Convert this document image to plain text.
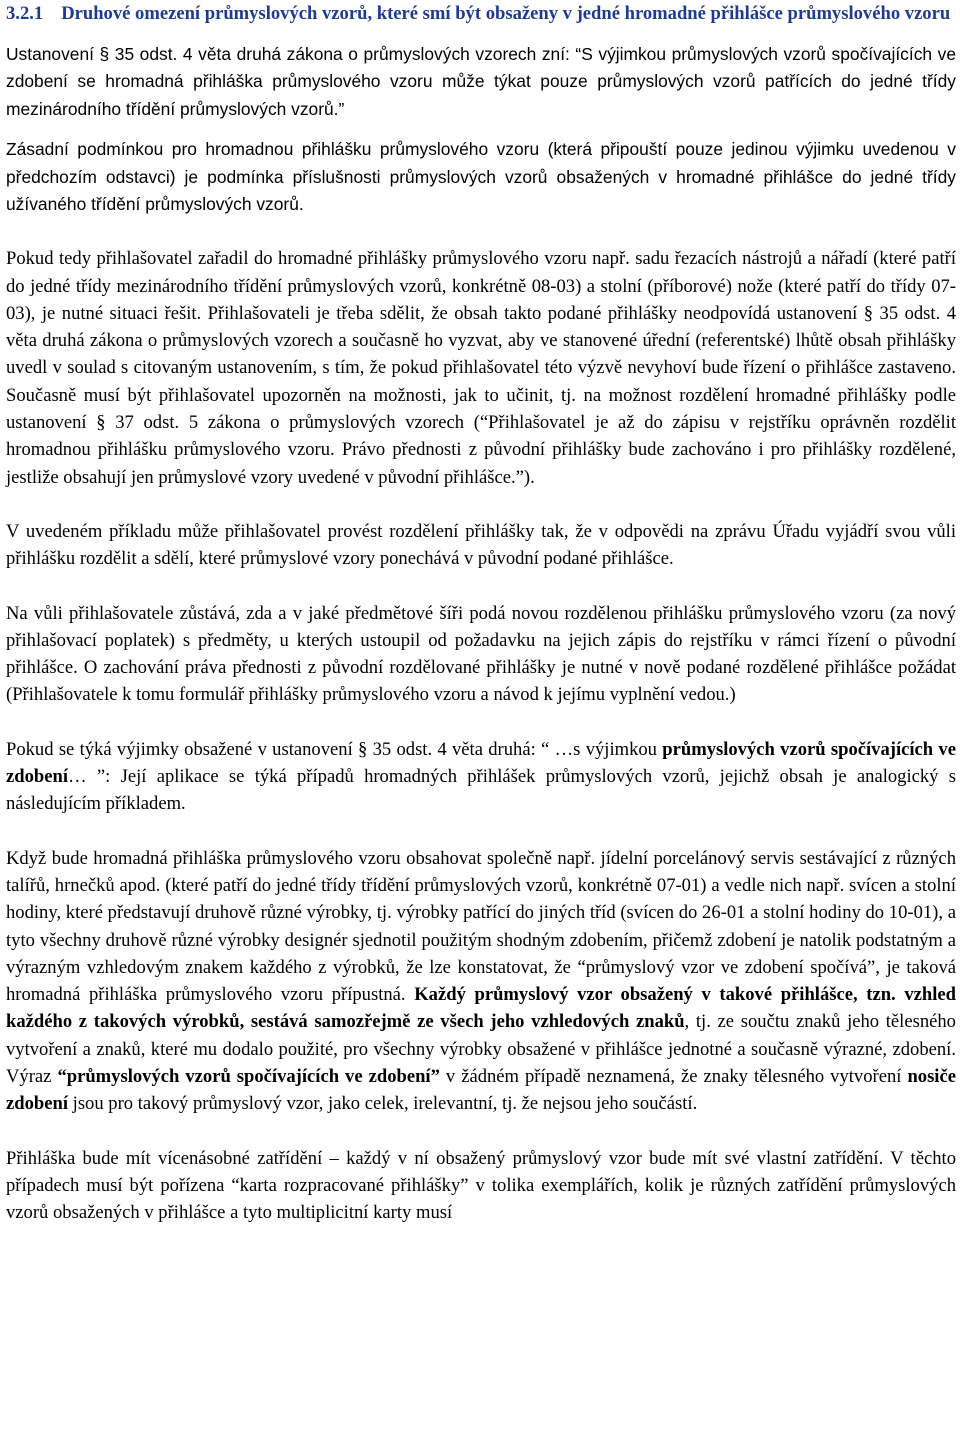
3.2.1 Druhové omezení průmyslových vzorů, které smí být obsaženy v jedné hromadné přihlášce průmyslového vzoru

Ustanovení § 35 odst. 4 věta druhá zákona o průmyslových vzorech zní: “S výjimkou průmyslových vzorů spočívajících ve zdobení se hromadná přihláška průmyslového vzoru může týkat pouze průmyslových vzorů patřících do jedné třídy mezinárodního třídění průmyslových vzorů.”

Zásadní podmínkou pro hromadnou přihlášku průmyslového vzoru (která připouští pouze jedinou výjimku uvedenou v předchozím odstavci) je podmínka příslušnosti průmyslových vzorů obsažených v hromadné přihlášce do jedné třídy užívaného třídění průmyslových vzorů.

Pokud tedy přihlašovatel zařadil do hromadné přihlášky průmyslového vzoru např. sadu řezacích nástrojů a nářadí (které patří do jedné třídy mezinárodního třídění průmyslových vzorů, konkrétně 08-03) a stolní (příborové) nože (které patří do třídy 07-03), je nutné situaci řešit. Přihlašovateli je třeba sdělit, že obsah takto podané přihlášky neodpovídá ustanovení § 35 odst. 4 věta druhá zákona o průmyslových vzorech a současně ho vyzvat, aby ve stanovené úřední (referentské) lhůtě obsah přihlášky uvedl v soulad s citovaným ustanovením, s tím, že pokud přihlašovatel této výzvě nevyhoví bude řízení o přihlášce zastaveno. Současně musí být přihlašovatel upozorněn na možnosti, jak to učinit, tj. na možnost rozdělení hromadné přihlášky podle ustanovení § 37 odst. 5 zákona o průmyslových vzorech (“Přihlašovatel je až do zápisu v rejstříku oprávněn rozdělit hromadnou přihlášku průmyslového vzoru. Právo přednosti z původní přihlášky bude zachováno i pro přihlášky rozdělené, jestliže obsahují jen průmyslové vzory uvedené v původní přihlášce.”).

V uvedeném příkladu může přihlašovatel provést rozdělení přihlášky tak, že v odpovědi na zprávu Úřadu vyjádří svou vůli přihlášku rozdělit a sdělí, které průmyslové vzory ponechává v původní podané přihlášce.

Na vůli přihlašovatele zůstává, zda a v jaké předmětové šíři podá novou rozdělenou přihlášku průmyslového vzoru (za nový přihlašovací poplatek) s předměty, u kterých ustoupil od požadavku na jejich zápis do rejstříku v rámci řízení o původní přihlášce. O zachování práva přednosti z původní rozdělované přihlášky je nutné v nově podané rozdělené přihlášce požádat (Přihlašovatele k tomu formulář přihlášky průmyslového vzoru a návod k jejímu vyplnění vedou.)

Pokud se týká výjimky obsažené v ustanovení § 35 odst. 4 věta druhá: “ …s výjimkou průmyslových vzorů spočívajících ve zdobení… ”: Její aplikace se týká případů hromadných přihlášek průmyslových vzorů, jejichž obsah je analogický s následujícím příkladem.

Když bude hromadná přihláška průmyslového vzoru obsahovat společně např. jídelní porcelánový servis sestávající z různých talířů, hrnečků apod. (které patří do jedné třídy třídění průmyslových vzorů, konkrétně 07-01) a vedle nich např. svícen a stolní hodiny, které představují druhově různé výrobky, tj. výrobky patřící do jiných tříd (svícen do 26-01 a stolní hodiny do 10-01), a tyto všechny druhově různé výrobky designér sjednotil použitým shodným zdobením, přičemž zdobení je natolik podstatným a výrazným vzhledovým znakem každého z výrobků, že lze konstatovat, že “průmyslový vzor ve zdobení spočívá”, je taková hromadná přihláška průmyslového vzoru přípustná. Každý průmyslový vzor obsažený v takové přihlášce, tzn. vzhled každého z takových výrobků, sestává samozřejmě ze všech jeho vzhledových znaků, tj. ze součtu znaků jeho tělesného vytvoření a znaků, které mu dodalo použité, pro všechny výrobky obsažené v přihlášce jednotné a současně výrazné, zdobení. Výraz “průmyslových vzorů spočívajících ve zdobení” v žádném případě neznamená, že znaky tělesného vytvoření nosiče zdobení jsou pro takový průmyslový vzor, jako celek, irelevantní, tj. že nejsou jeho součástí.

Přihláška bude mít vícenásobné zatřídění – každý v ní obsažený průmyslový vzor bude mít své vlastní zatřídění. V těchto případech musí být pořízena “karta rozpracované přihlášky” v tolika exemplářích, kolik je různých zatřídění průmyslových vzorů obsažených v přihlášce a tyto multiplicitní karty musí
